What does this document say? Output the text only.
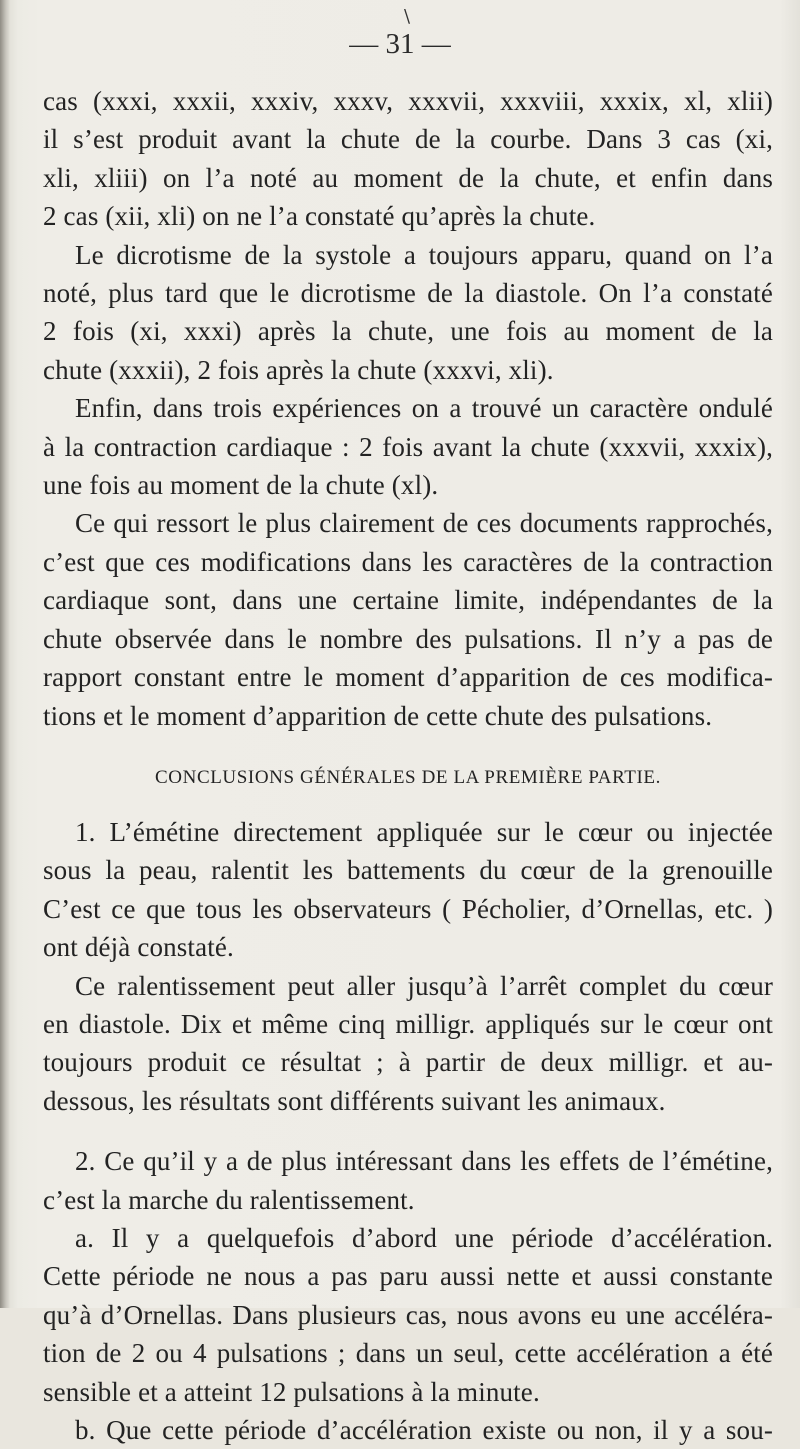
\
— 31 —

cas (xxxi, xxxii, xxxiv, xxxv, xxxvii, xxxviii, xxxix, xl, xlii)

il s’est produit avant la chute de la courbe. Dans 3 cas (xi,

xli, xliii) on l’a noté au moment de la chute, et enfin dans

2 cas (xii, xli) on ne l’a constaté qu’après la chute.

Le dicrotisme de la systole a toujours apparu, quand on l’a

noté, plus tard que le dicrotisme de la diastole. On l’a constaté

2 fois (xi, xxxi) après la chute, une fois au moment de la

chute (xxxii), 2 fois après la chute (xxxvi, xli).

Enfin, dans trois expériences on a trouvé un caractère ondulé

à la contraction cardiaque : 2 fois avant la chute (xxxvii, xxxix),

une fois au moment de la chute (xl).

Ce qui ressort le plus clairement de ces documents rapprochés,

c’est que ces modifications dans les caractères de la contraction

cardiaque sont, dans une certaine limite, indépendantes de la

chute observée dans le nombre des pulsations. Il n’y a pas de

rapport constant entre le moment d’apparition de ces modifica-

tions et le moment d’apparition de cette chute des pulsations.

CONCLUSIONS GÉNÉRALES DE LA PREMIÈRE PARTIE.

1. L’émétine directement appliquée sur le cœur ou injectée

sous la peau, ralentit les battements du cœur de la grenouille

C’est ce que tous les observateurs ( Pécholier, d’Ornellas, etc. )

ont déjà constaté.

Ce ralentissement peut aller jusqu’à l’arrêt complet du cœur

en diastole. Dix et même cinq milligr. appliqués sur le cœur ont

toujours produit ce résultat ; à partir de deux milligr. et au-

dessous, les résultats sont différents suivant les animaux.

2. Ce qu’il y a de plus intéressant dans les effets de l’émétine,

c’est la marche du ralentissement.

a. Il y a quelquefois d’abord une période d’accélération.

Cette période ne nous a pas paru aussi nette et aussi constante

qu’à d’Ornellas. Dans plusieurs cas, nous avons eu une accéléra-

tion de 2 ou 4 pulsations ; dans un seul, cette accélération a été

sensible et a atteint 12 pulsations à la minute.

b. Que cette période d’accélération existe ou non, il y a sou-
